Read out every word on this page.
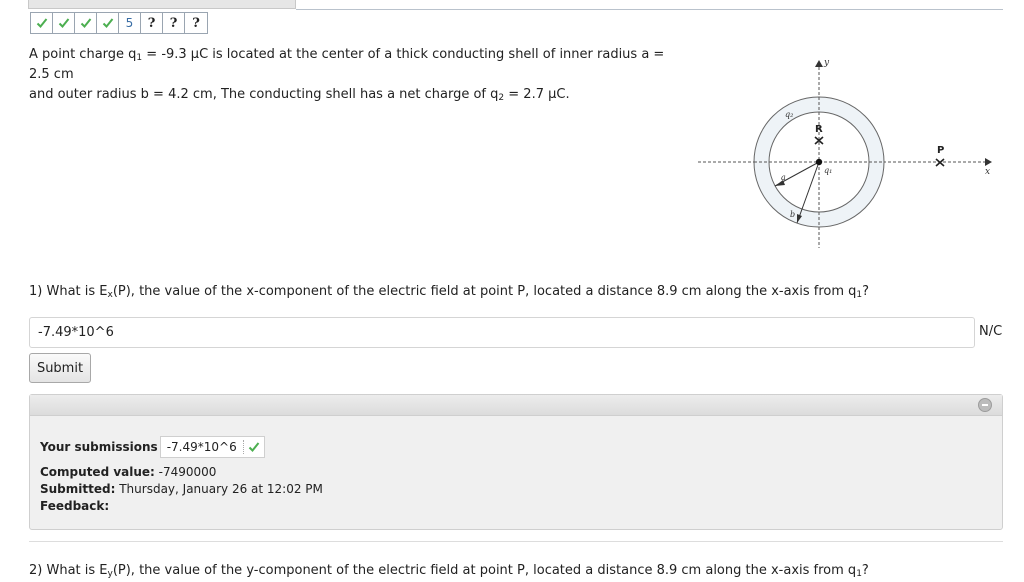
5	?	?	?
A point charge $q_1 = -9.3$ μC is located at the center of a thick conducting shell of inner radius a = 2.5 cm
and outer radius b = 4.2 cm, The conducting shell has a net charge of $q_2 = 2.7$ μC.
x
y
a
b
q₁
q₂
R
P
1) What is $E_x(P)$, the value of the x-component of the electric field at point P, located a distance 8.9 cm along the x-axis from $q_1$?
-7.49*10^6
N/C
Submit
Your submissions -7.49*10^6
Computed value: -7490000
Submitted: Thursday, January 26 at 12:02 PM
Feedback:
2) What is $E_y(P)$, the value of the y-component of the electric field at point P, located a distance 8.9 cm along the x-axis from $q_1$?
